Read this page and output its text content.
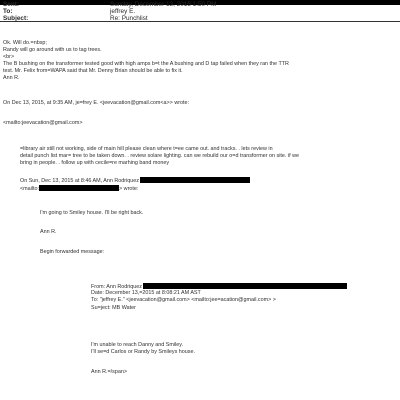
Sent:	Sunday, December 13, 2015 1:50 PM
To:	jeffrey E.
Subject:	Re: Punchlist
Ok. Will do.=nbsp;
Randy will go around with us to tag trees.
<br>
The B bushing on the transformer tested good with high amps b=t the A bushing and D tap failed when they ran the TTR
test. Mr. Felix from=WAPA said that Mr. Denny Brian should be able to fix it.
Ann R.
On Dec 13, 2015, at 9:35 AM, je=frey E. <jeevacation@gmail.com<a>> wrote:
<mailto:jeevacation@gmail.com>
=library air still not working, side of main hill please clean where t=ee came out. and tracks. . lets review in
detail punch list mar= tree to be taken down. . review solare lighting. can we rebuild our o=d transformer on site. if we
bring in people. . follow up with cecile=re marhing band money
On Sun, Dec 13, 2015 at 8:46 AM, Ann Rodriquez
<mailto:	> wrote:
I'm going to Smiley house. I'll be right back.
Ann R.
Begin forwarded message:
From: Ann Rodriquez
Date: December 13,=2015 at 8:08:21 AM AST
To: "jeffrey E." <jeevacation@gmail.com> <mailto:jee=acation@gmail.com> >
Su=ject: MB Water
I'm unable to reach Danny and Smiley.
I'll se=d Carlos or Randy by Smileys house.
Ann R.=/span>
